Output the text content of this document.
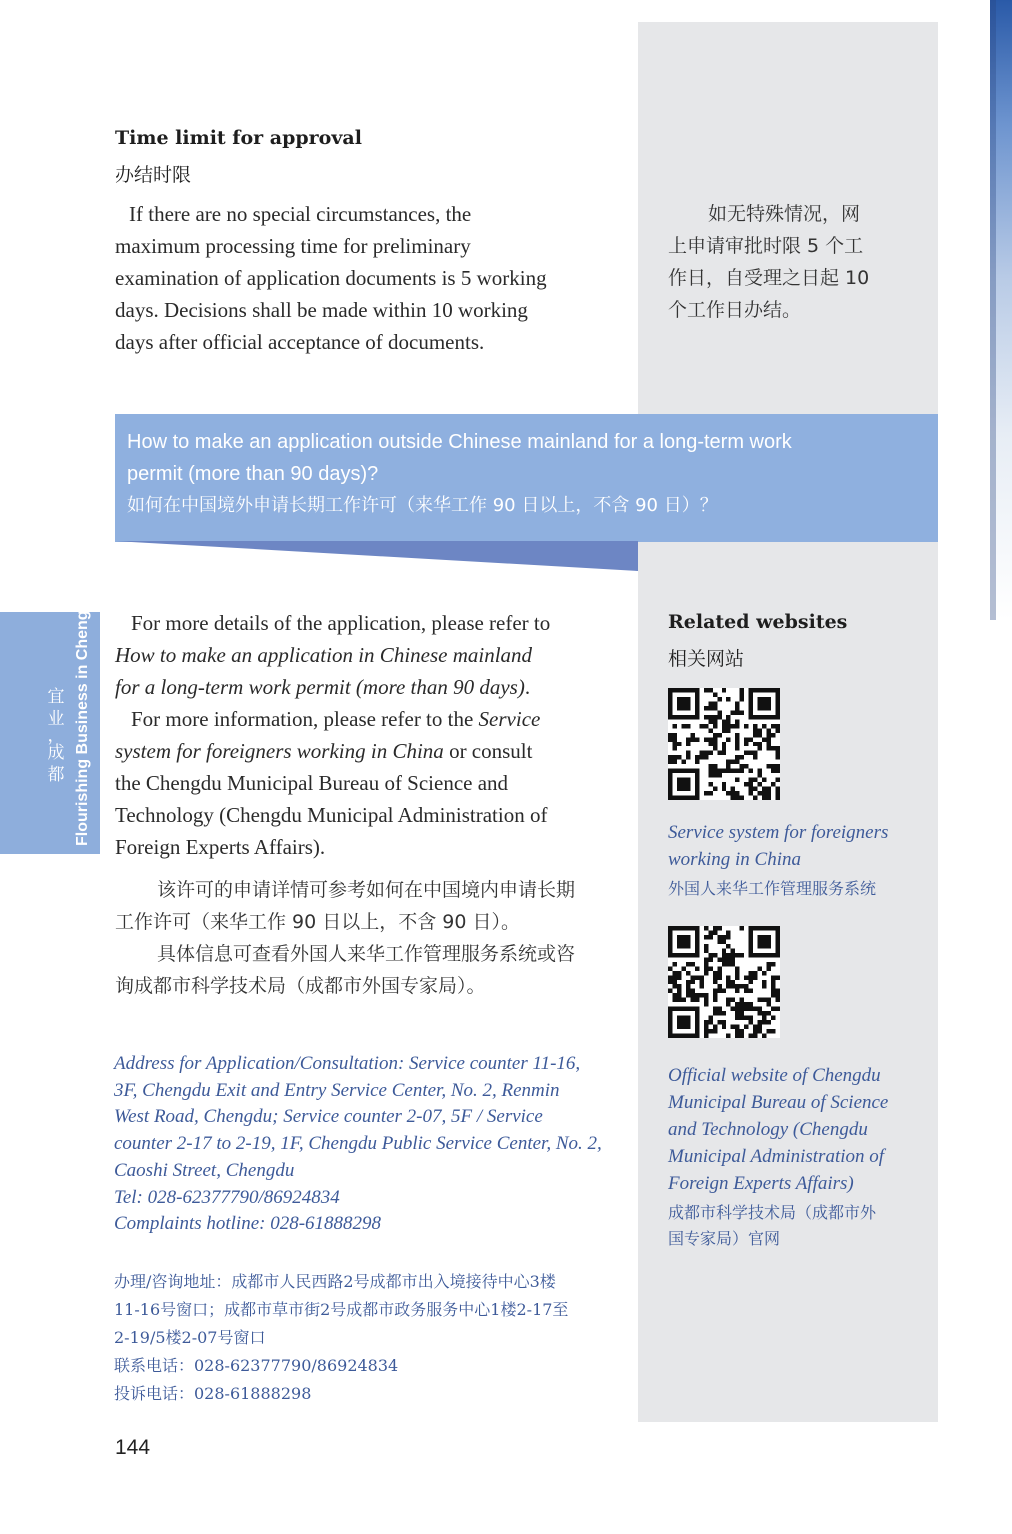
Time limit for approval
办结时限
If there are no special circumstances, the
maximum processing time for preliminary
examination of application documents is 5 working
days. Decisions shall be made within 10 working
days after official acceptance of documents.
如无特殊情况，网
上申请审批时限 5 个工
作日，自受理之日起 10
个工作日办结。
How to make an application outside Chinese mainland for a long-term work
permit (more than 90 days)?
如何在中国境外申请长期工作许可（来华工作 90 日以上，不含 90 日）？
Flourishing Business in Chengdu
宜
业
，
成
都
For more details of the application, please refer to
How to make an application in Chinese mainland
for a long-term work permit (more than 90 days).
For more information, please refer to the Service
system for foreigners working in China or consult
the Chengdu Municipal Bureau of Science and
Technology (Chengdu Municipal Administration of
Foreign Experts Affairs).
该许可的申请详情可参考如何在中国境内申请长期
工作许可（来华工作 90 日以上，不含 90 日）。
具体信息可查看外国人来华工作管理服务系统或咨
询成都市科学技术局（成都市外国专家局）。
Address for Application/Consultation: Service counter 11-16,
3F, Chengdu Exit and Entry Service Center, No. 2, Renmin
West Road, Chengdu; Service counter 2-07, 5F / Service
counter 2-17 to 2-19, 1F, Chengdu Public Service Center, No. 2,
Caoshi Street, Chengdu
Tel: 028-62377790/86924834
Complaints hotline: 028-61888298
办理/咨询地址：成都市人民西路2号成都市出入境接待中心3楼
11-16号窗口；成都市草市街2号成都市政务服务中心1楼2-17至
2-19/5楼2-07号窗口
联系电话：028-62377790/86924834
投诉电话：028-61888298
Related websites
相关网站
Service system for foreigners
working in China
外国人来华工作管理服务系统
Official website of Chengdu
Municipal Bureau of Science
and Technology (Chengdu
Municipal Administration of
Foreign Experts Affairs)
成都市科学技术局（成都市外
国专家局）官网
144
